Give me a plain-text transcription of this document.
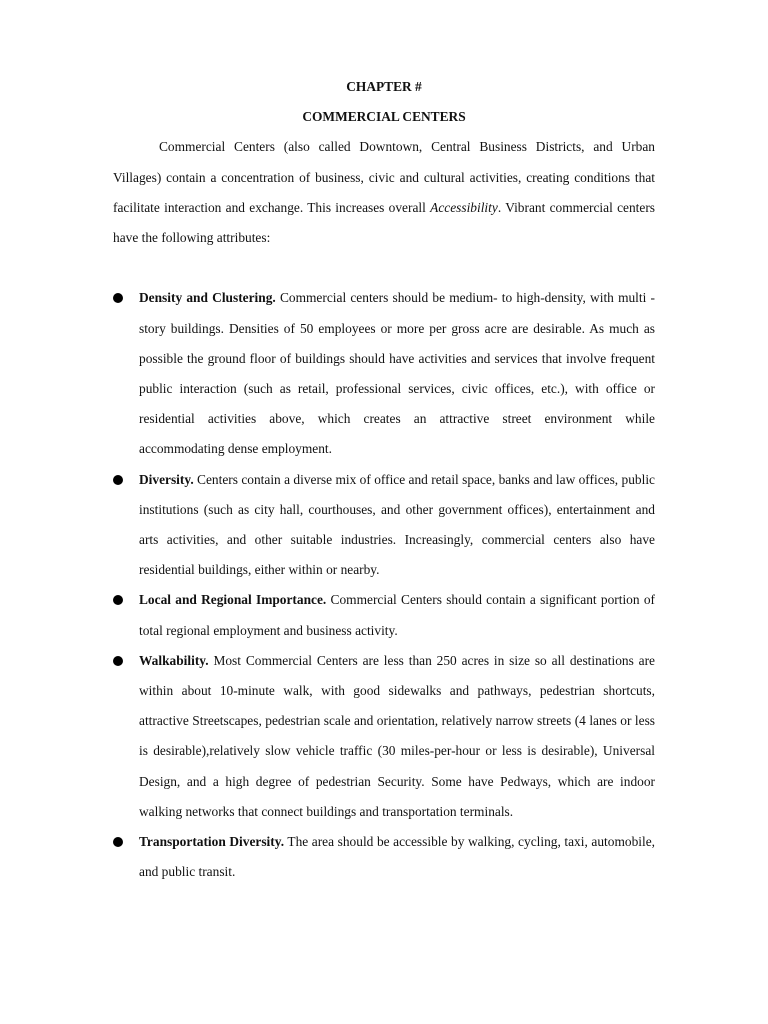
CHAPTER #

COMMERCIAL CENTERS

Commercial Centers (also called Downtown, Central Business Districts, and Urban Villages) contain a concentration of business, civic and cultural activities, creating conditions that facilitate interaction and exchange. This increases overall Accessibility. Vibrant commercial centers have the following attributes:

Density and Clustering. Commercial centers should be medium- to high-density, with multi -story buildings. Densities of 50 employees or more per gross acre are desirable. As much as possible the ground floor of buildings should have activities and services that involve frequent public interaction (such as retail, professional services, civic offices, etc.), with office or residential activities above, which creates an attractive street environment while accommodating dense employment.
Diversity. Centers contain a diverse mix of office and retail space, banks and law offices, public institutions (such as city hall, courthouses, and other government offices), entertainment and arts activities, and other suitable industries. Increasingly, commercial centers also have residential buildings, either within or nearby.
Local and Regional Importance. Commercial Centers should contain a significant portion of total regional employment and business activity.
Walkability. Most Commercial Centers are less than 250 acres in size so all destinations are within about 10-minute walk, with good sidewalks and pathways, pedestrian shortcuts, attractive Streetscapes, pedestrian scale and orientation, relatively narrow streets (4 lanes or less is desirable),relatively slow vehicle traffic (30 miles-per-hour or less is desirable), Universal Design, and a high degree of pedestrian Security. Some have Pedways, which are indoor walking networks that connect buildings and transportation terminals.
Transportation Diversity. The area should be accessible by walking, cycling, taxi, automobile, and public transit.
